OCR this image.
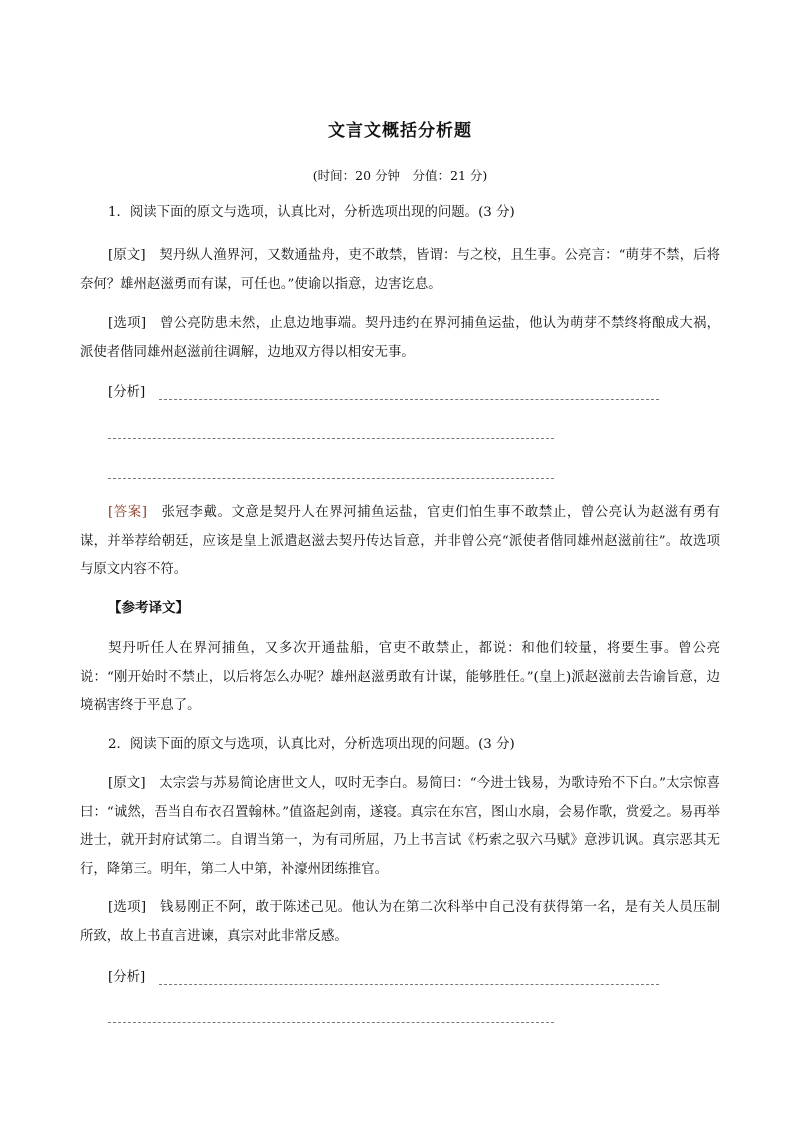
文言文概括分析题
(时间：20 分钟　分值：21 分)
1．阅读下面的原文与选项，认真比对，分析选项出现的问题。(3 分)
[原文]　 契丹纵人渔界河，又数通盐舟，吏不敢禁，皆谓：与之校，且生事。公亮言：“萌芽不禁，后将奈何？雄州赵滋勇而有谋，可任也。”使谕以指意，边害讫息。
[选项]　 曾公亮防患未然，止息边地事端。契丹违约在界河捕鱼运盐，他认为萌芽不禁终将酿成大祸，派使者偕同雄州赵滋前往调解，边地双方得以相安无事。
[分析]
[答案]　 张冠李戴。文意是契丹人在界河捕鱼运盐，官吏们怕生事不敢禁止，曾公亮认为赵滋有勇有谋，并举荐给朝廷，应该是皇上派遣赵滋去契丹传达旨意，并非曾公亮“派使者偕同雄州赵滋前往”。故选项与原文内容不符。
【参考译文】
契丹听任人在界河捕鱼，又多次开通盐船，官吏不敢禁止，都说：和他们较量，将要生事。曾公亮说：“刚开始时不禁止，以后将怎么办呢？雄州赵滋勇敢有计谋，能够胜任。”(皇上)派赵滋前去告谕旨意，边境祸害终于平息了。
2．阅读下面的原文与选项，认真比对，分析选项出现的问题。(3 分)
[原文]　 太宗尝与苏易简论唐世文人，叹时无李白。易简曰：“今进士钱易，为歌诗殆不下白。”太宗惊喜曰：“诚然，吾当自布衣召置翰林。”值盗起剑南，遂寝。真宗在东宫，图山水扇，会易作歌，赏爱之。易再举进士，就开封府试第二。自谓当第一，为有司所屈，乃上书言试《朽索之驭六马赋》意涉讥讽。真宗恶其无行，降第三。明年，第二人中第，补濠州团练推官。
[选项]　 钱易刚正不阿，敢于陈述己见。他认为在第二次科举中自己没有获得第一名，是有关人员压制所致，故上书直言进谏，真宗对此非常反感。
[分析]
